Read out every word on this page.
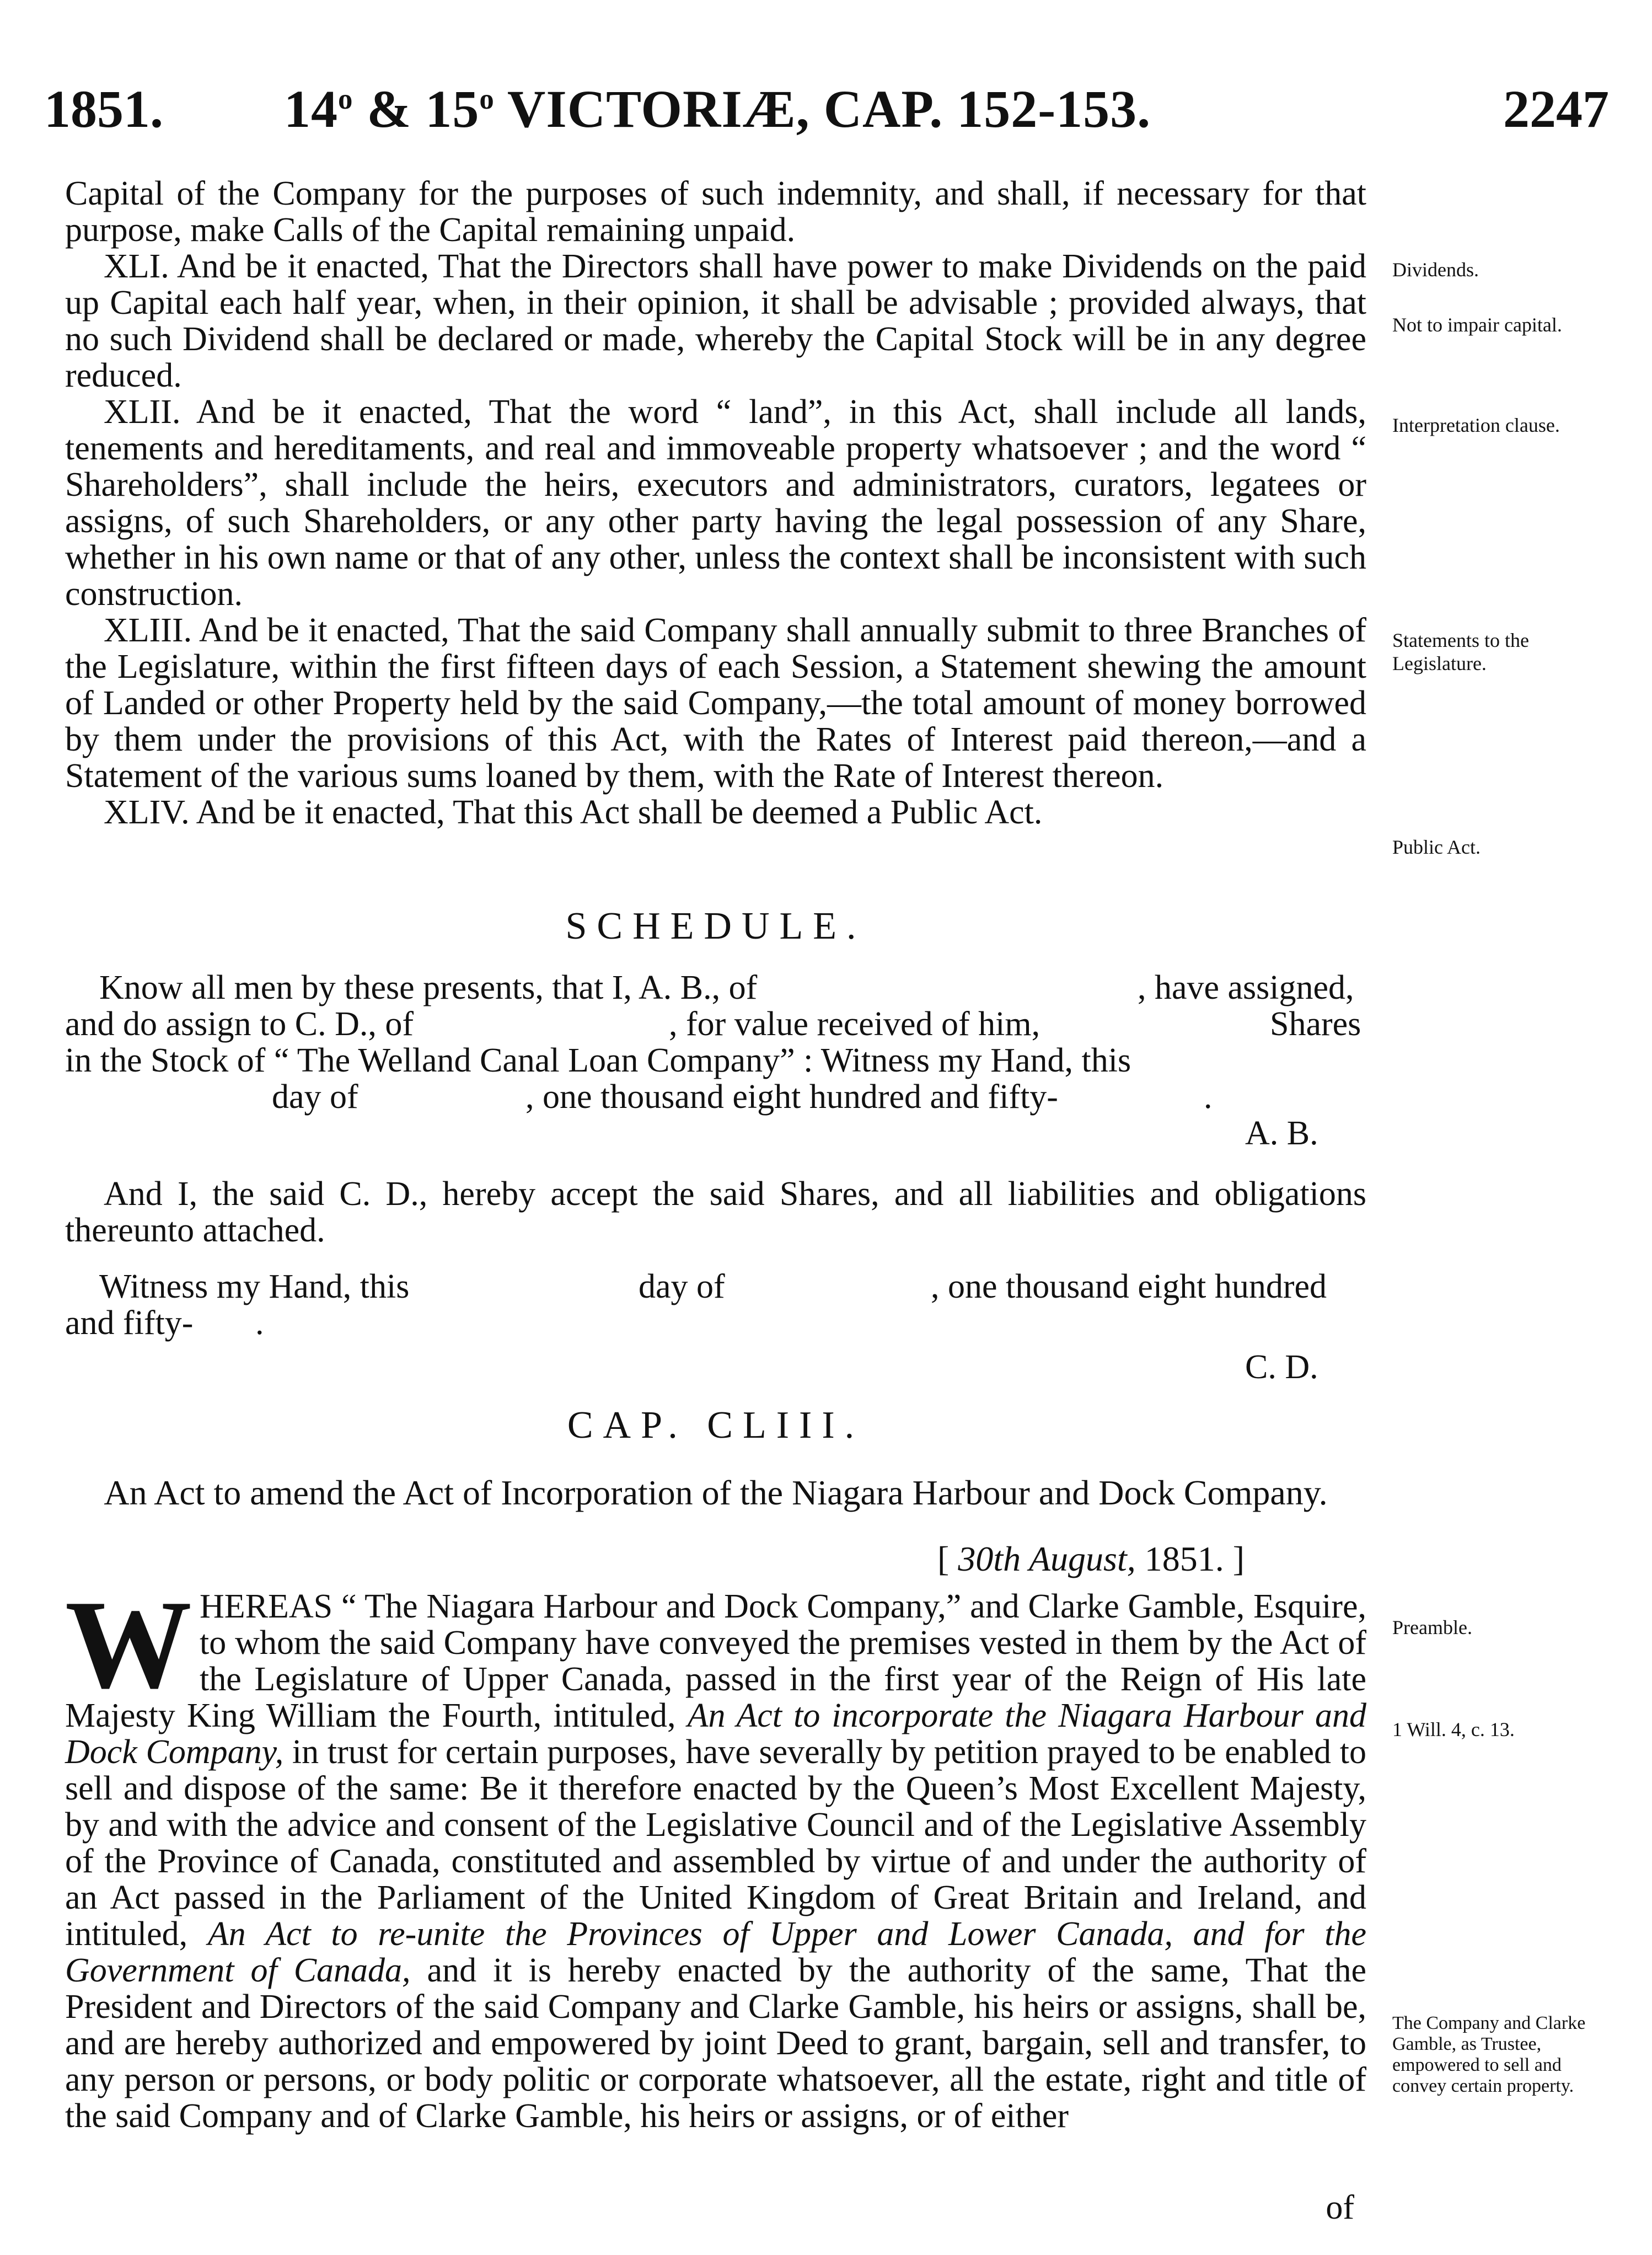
1851. 14$^o$ & 15$^o$ VICTORIÆ, CAP. 152-153.	2247

Capital of the Company for the purposes of such indemnity, and shall, if necessary for that purpose, make Calls of the Capital remaining unpaid.

XLI. And be it enacted, That the Directors shall have power to make Dividends on the paid up Capital each half year, when, in their opinion, it shall be advisable ; provided always, that no such Dividend shall be declared or made, whereby the Capital Stock will be in any degree reduced.

XLII. And be it enacted, That the word “ land”, in this Act, shall include all lands, tenements and hereditaments, and real and immoveable property whatsoever ; and the word “ Shareholders”, shall include the heirs, executors and administrators, curators, legatees or assigns, of such Shareholders, or any other party having the legal possession of any Share, whether in his own name or that of any other, unless the context shall be inconsistent with such construction.

XLIII. And be it enacted, That the said Company shall annually submit to three Branches of the Legislature, within the first fifteen days of each Session, a Statement shewing the amount of Landed or other Property held by the said Company,—the total amount of money borrowed by them under the provisions of this Act, with the Rates of Interest paid thereon,—and a Statement of the various sums loaned by them, with the Rate of Interest thereon.

XLIV. And be it enacted, That this Act shall be deemed a Public Act.

Dividends.
Not to impair capital.
Interpretation clause.
Statements to the Legislature.
Public Act.
SCHEDULE.
Know all men by these presents, that I, A. B., of	, have assigned,
and do assign to C. D., of	, for value received of him,	Shares
in the Stock of “ The Welland Canal Loan Company” : Witness my Hand, this
day of	, one thousand eight hundred and fifty-	.
A. B.

And I, the said C. D., hereby accept the said Shares, and all liabilities and obligations thereunto attached.

Witness my Hand, this	day of	, one thousand eight hundred
and fifty- .
C. D.
CAP. CLIII.
An Act to amend the Act of Incorporation of the Niagara Harbour and Dock Company.
[ 30th August, 1851. ]

WHEREAS “ The Niagara Harbour and Dock Company,” and Clarke Gamble, Esquire, to whom the said Company have conveyed the premises vested in them by the Act of the Legislature of Upper Canada, passed in the first year of the Reign of His late Majesty King William the Fourth, intituled, An Act to incorporate the Niagara Harbour and Dock Company, in trust for certain purposes, have severally by petition prayed to be enabled to sell and dispose of the same: Be it therefore enacted by the Queen’s Most Excellent Majesty, by and with the advice and consent of the Legislative Council and of the Legislative Assembly of the Province of Canada, constituted and assembled by virtue of and under the authority of an Act passed in the Parliament of the United Kingdom of Great Britain and Ireland, and intituled, An Act to re-unite the Provinces of Upper and Lower Canada, and for the Government of Canada, and it is hereby enacted by the authority of the same, That the President and Directors of the said Company and Clarke Gamble, his heirs or assigns, shall be, and are hereby authorized and empowered by joint Deed to grant, bargain, sell and transfer, to any person or persons, or body politic or corporate whatsoever, all the estate, right and title of the said Company and of Clarke Gamble, his heirs or assigns, or of either

Preamble.
1 Will. 4, c. 13.
The Company and Clarke Gamble, as Trustee, empowered to sell and convey certain property.
of
